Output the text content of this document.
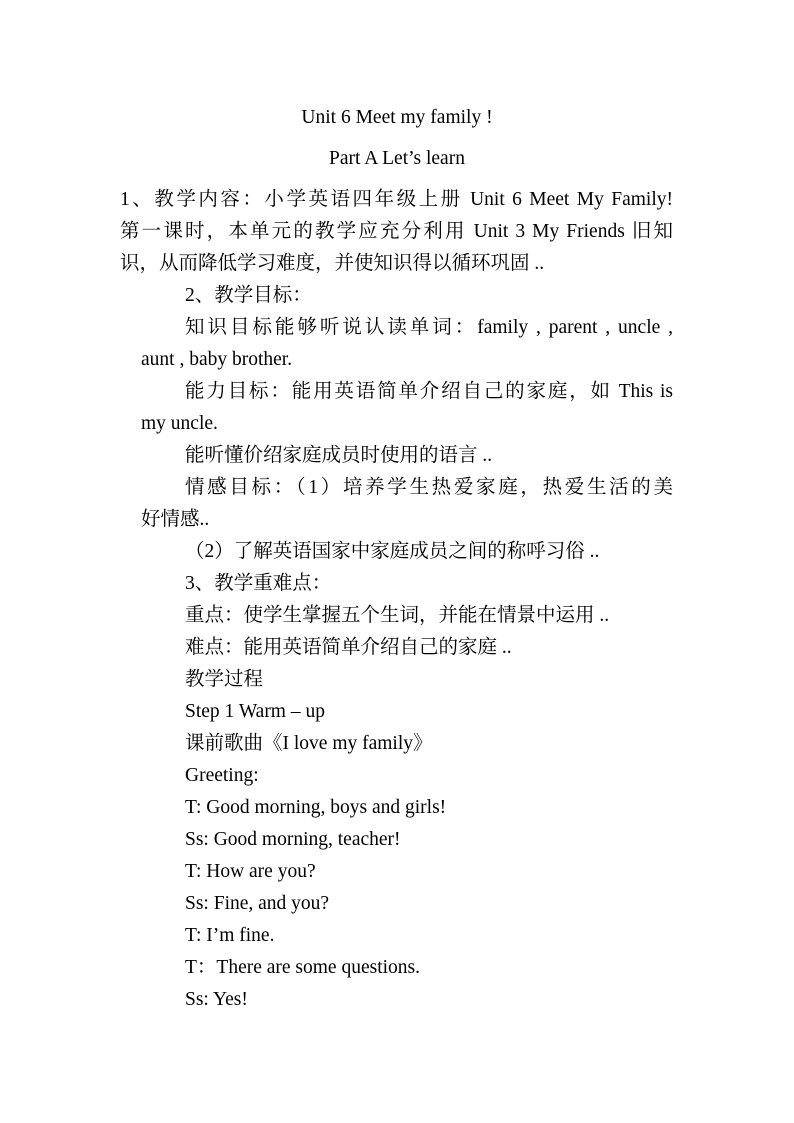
Unit 6 Meet my family !
Part A Let’s learn
1、教学内容：小学英语四年级上册 Unit 6 Meet My Family!
第一课时，本单元的教学应充分利用 Unit 3 My Friends 旧知
识，从而降低学习难度，并使知识得以循环巩固 ..
2、教学目标：
知识目标能够听说认读单词：family , parent , uncle ,
aunt , baby brother.
能力目标：能用英语简单介绍自己的家庭，如 This is
my uncle.
能听懂价绍家庭成员时使用的语言 ..
情感目标：（1）培养学生热爱家庭，热爱生活的美
好情感..
（2）了解英语国家中家庭成员之间的称呼习俗 ..
3、教学重难点：
重点：使学生掌握五个生词，并能在情景中运用 ..
难点：能用英语简单介绍自己的家庭 ..
教学过程
Step 1 Warm – up
课前歌曲《I love my family》
Greeting:
T: Good morning, boys and girls!
Ss: Good morning, teacher!
T: How are you?
Ss: Fine, and you?
T: I’m fine.
T：There are some questions.
Ss: Yes!
